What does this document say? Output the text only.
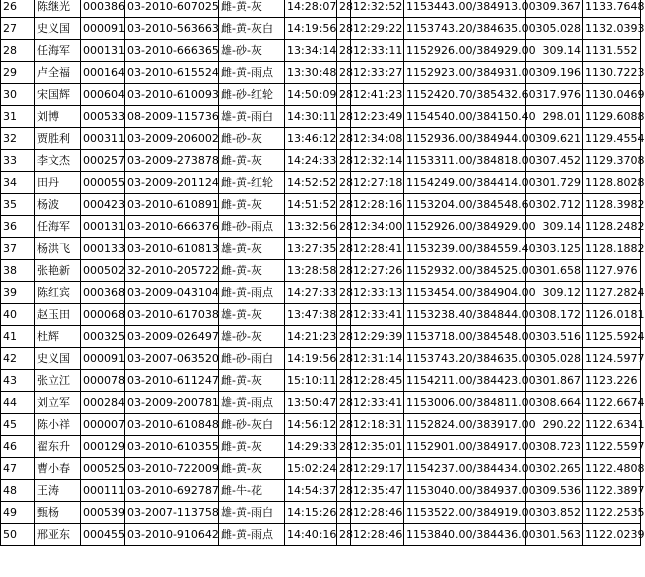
26	陈继光	000386	03-2010-607025	雌-黄-灰	14:28:07	28	12:32:52	1153443.00/384913.00	309.367	1133.7648
27	史义国	000091	03-2010-563663	雌-黄-灰白	14:19:56	28	12:29:22	1153743.20/384635.00	305.028	1132.0393
28	任海军	000131	03-2010-666365	雄-砂-灰	13:34:14	28	12:33:11	1152926.00/384929.00	309.14	1131.552
29	卢全福	000164	03-2010-615524	雌-黄-雨点	13:30:48	28	12:33:27	1152923.00/384931.00	309.196	1130.7223
30	宋国辉	000604	03-2010-610093	雌-砂-红轮	14:50:09	28	12:41:23	1152420.70/385432.60	317.976	1130.0469
31	刘博	000533	08-2009-115736	雄-黄-雨白	14:30:11	28	12:23:49	1154540.00/384150.40	298.01	1129.6088
32	贾胜利	000311	03-2009-206002	雌-砂-灰	13:46:12	28	12:34:08	1152936.00/384944.00	309.621	1129.4554
33	李文杰	000257	03-2009-273878	雌-黄-灰	14:24:33	28	12:32:14	1153311.00/384818.00	307.452	1129.3708
34	田丹	000055	03-2009-201124	雌-黄-红轮	14:52:52	28	12:27:18	1154249.00/384414.00	301.729	1128.8028
35	杨波	000423	03-2010-610891	雌-黄-灰	14:51:52	28	12:28:16	1153204.00/384548.60	302.712	1128.3982
36	任海军	000131	03-2010-666376	雌-砂-雨点	13:32:56	28	12:34:00	1152926.00/384929.00	309.14	1128.2482
37	杨洪飞	000133	03-2010-610813	雄-黄-灰	13:27:35	28	12:28:41	1153239.00/384559.40	303.125	1128.1882
38	张艳新	000502	32-2010-205722	雌-黄-灰	13:28:58	28	12:27:26	1152932.00/384525.00	301.658	1127.976
39	陈红宾	000368	03-2009-043104	雌-黄-雨点	14:27:33	28	12:33:13	1153454.00/384904.00	309.12	1127.2824
40	赵玉田	000068	03-2010-617038	雄-黄-灰	13:47:38	28	12:33:41	1153238.40/384844.00	308.172	1126.0181
41	杜辉	000325	03-2009-026497	雄-砂-灰	14:21:23	28	12:29:39	1153718.00/384548.00	303.516	1125.5924
42	史义国	000091	03-2007-063520	雌-砂-雨白	14:19:56	28	12:31:14	1153743.20/384635.00	305.028	1124.5977
43	张立江	000078	03-2010-611247	雌-黄-灰	15:10:11	28	12:28:45	1154211.00/384423.00	301.867	1123.226
44	刘立军	000284	03-2009-200781	雄-黄-雨点	13:50:47	28	12:33:41	1153006.00/384811.00	308.664	1122.6674
45	陈小祥	000007	03-2010-610848	雌-砂-灰白	14:56:12	28	12:18:31	1152824.00/383917.00	290.22	1122.6341
46	翟东升	000129	03-2010-610355	雌-黄-灰	14:29:33	28	12:35:01	1152901.00/384917.00	308.723	1122.5597
47	曹小春	000525	03-2010-722009	雌-黄-灰	15:02:24	28	12:29:17	1154237.00/384434.00	302.265	1122.4808
48	王涛	000111	03-2010-692787	雌-牛-花	14:54:37	28	12:35:47	1153040.00/384937.00	309.536	1122.3897
49	甄杨	000539	03-2007-113758	雄-黄-雨白	14:15:26	28	12:28:46	1153522.00/384919.00	303.852	1122.2535
50	邢亚东	000455	03-2010-910642	雌-黄-雨点	14:40:16	28	12:28:46	1153840.00/384436.00	301.563	1122.0239
